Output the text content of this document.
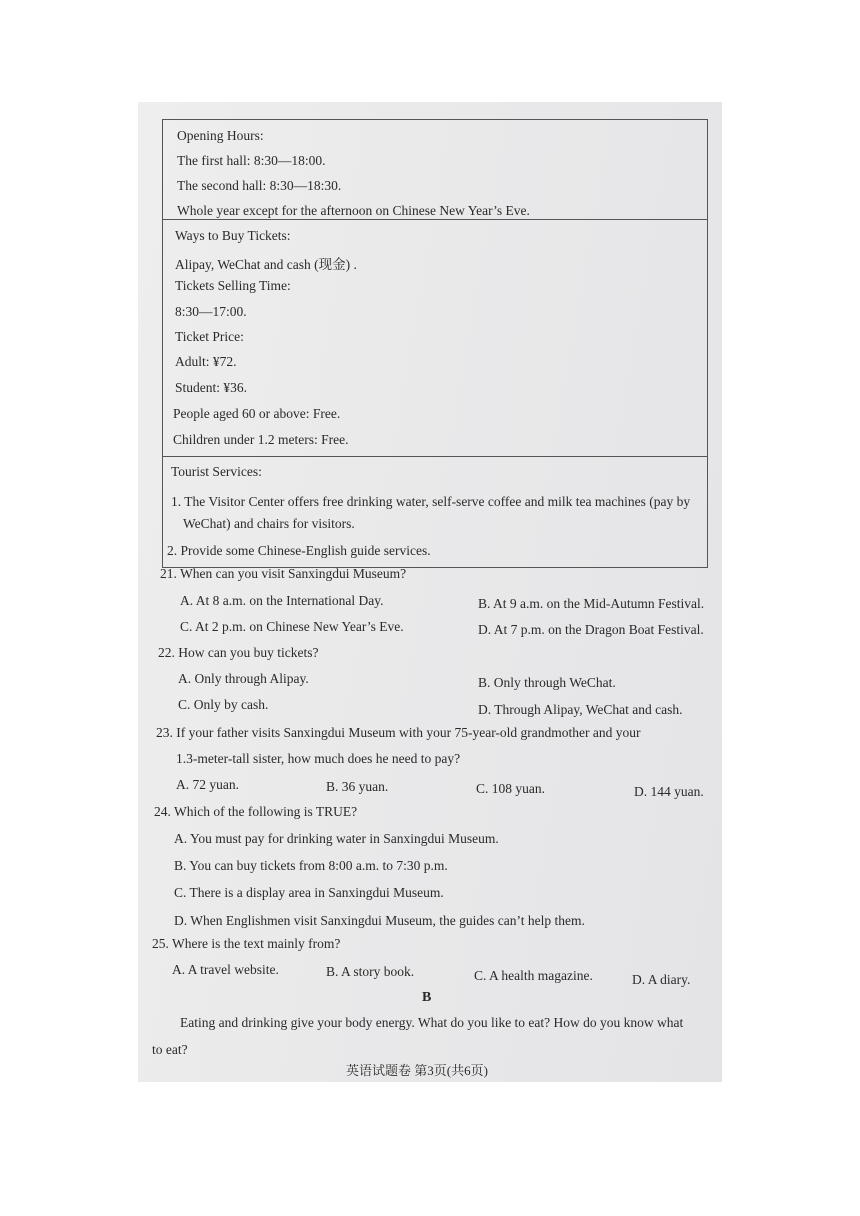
Opening Hours:
The first hall: 8:30—18:00.
The second hall: 8:30—18:30.
Whole year except for the afternoon on Chinese New Year’s Eve.
Ways to Buy Tickets:
Alipay, WeChat and cash (现金) .
Tickets Selling Time:
8:30—17:00.
Ticket Price:
Adult: ¥72.
Student: ¥36.
People aged 60 or above: Free.
Children under 1.2 meters: Free.
Tourist Services:
1. The Visitor Center offers free drinking water, self-serve coffee and milk tea machines (pay by
WeChat) and chairs for visitors.
2. Provide some Chinese-English guide services.
21. When can you visit Sanxingdui Museum?
A. At 8 a.m. on the International Day.	B. At 9 a.m. on the Mid-Autumn Festival.
C. At 2 p.m. on Chinese New Year’s Eve.	D. At 7 p.m. on the Dragon Boat Festival.
22. How can you buy tickets?
A. Only through Alipay.	B. Only through WeChat.
C. Only by cash.	D. Through Alipay, WeChat and cash.
23. If your father visits Sanxingdui Museum with your 75-year-old grandmother and your
1.3-meter-tall sister, how much does he need to pay?
A. 72 yuan.	B. 36 yuan.	C. 108 yuan.	D. 144 yuan.
24. Which of the following is TRUE?
A. You must pay for drinking water in Sanxingdui Museum.
B. You can buy tickets from 8:00 a.m. to 7:30 p.m.
C. There is a display area in Sanxingdui Museum.
D. When Englishmen visit Sanxingdui Museum, the guides can’t help them.
25. Where is the text mainly from?
A. A travel website.	B. A story book.	C. A health magazine.	D. A diary.
B
Eating and drinking give your body energy. What do you like to eat? How do you know what
to eat?
英语试题卷 第3页(共6页)
